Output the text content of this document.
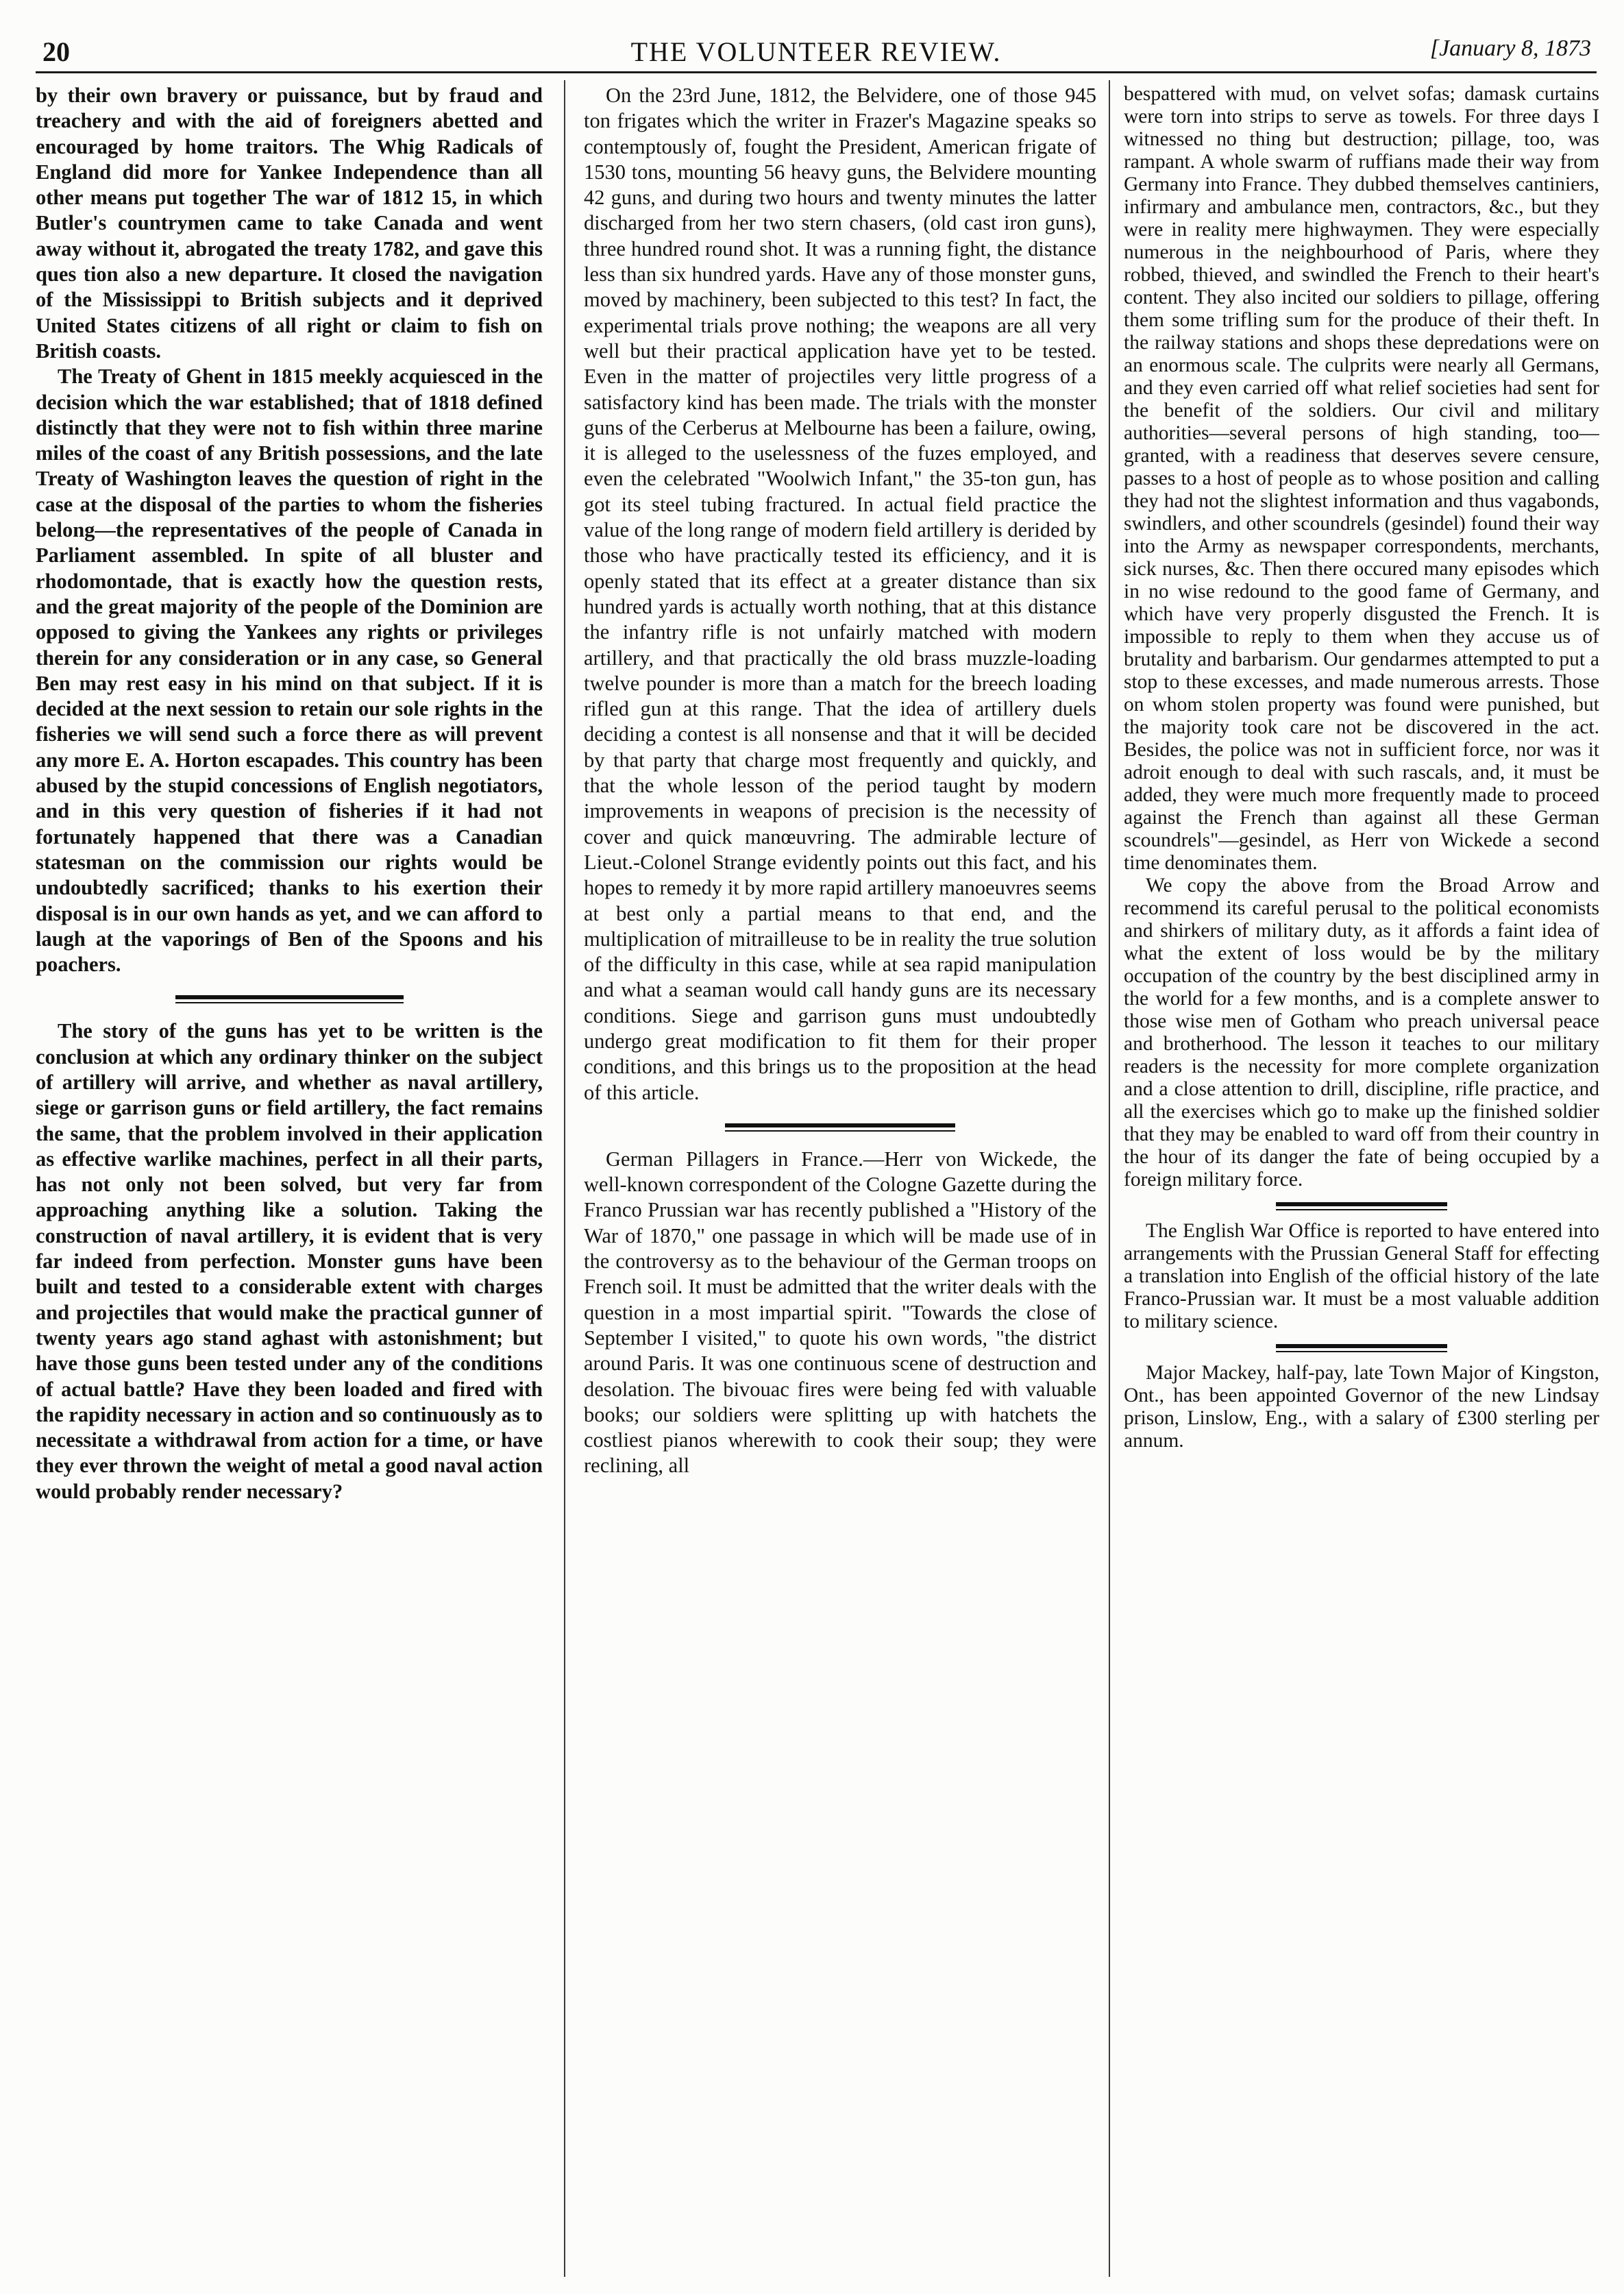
20	THE VOLUNTEER REVIEW.	[January 8, 1873

by their own bravery or puissance, but by fraud and treachery and with the aid of foreigners abetted and encouraged by home traitors. The Whig Radicals of England did more for Yankee Independence than all other means put together The war of 1812 15, in which Butler's countrymen came to take Canada and went away without it, abrogated the treaty 1782, and gave this ques tion also a new departure. It closed the navigation of the Mississippi to British subjects and it deprived United States citizens of all right or claim to fish on British coasts.

The Treaty of Ghent in 1815 meekly acquiesced in the decision which the war established; that of 1818 defined distinctly that they were not to fish within three marine miles of the coast of any British possessions, and the late Treaty of Washington leaves the question of right in the case at the disposal of the parties to whom the fisheries belong—the representatives of the people of Canada in Parliament assembled. In spite of all bluster and rhodomontade, that is exactly how the question rests, and the great majority of the people of the Dominion are opposed to giving the Yankees any rights or privileges therein for any consideration or in any case, so General Ben may rest easy in his mind on that subject. If it is decided at the next session to retain our sole rights in the fisheries we will send such a force there as will prevent any more E. A. Horton escapades. This country has been abused by the stupid concessions of English negotiators, and in this very question of fisheries if it had not fortunately happened that there was a Canadian statesman on the commission our rights would be undoubtedly sacrificed; thanks to his exertion their disposal is in our own hands as yet, and we can afford to laugh at the vaporings of Ben of the Spoons and his poachers.

The story of the guns has yet to be written is the conclusion at which any ordinary thinker on the subject of artillery will arrive, and whether as naval artillery, siege or garrison guns or field artillery, the fact remains the same, that the problem involved in their application as effective warlike machines, perfect in all their parts, has not only not been solved, but very far from approaching anything like a solution. Taking the construction of naval artillery, it is evident that is very far indeed from perfection. Monster guns have been built and tested to a considerable extent with charges and projectiles that would make the practical gunner of twenty years ago stand aghast with astonishment; but have those guns been tested under any of the conditions of actual battle? Have they been loaded and fired with the rapidity necessary in action and so continuously as to necessitate a withdrawal from action for a time, or have they ever thrown the weight of metal a good naval action would probably render necessary?

On the 23rd June, 1812, the Belvidere, one of those 945 ton frigates which the writer in Frazer's Magazine speaks so contemptously of, fought the President, American frigate of 1530 tons, mounting 56 heavy guns, the Belvidere mounting 42 guns, and during two hours and twenty minutes the latter discharged from her two stern chasers, (old cast iron guns), three hundred round shot. It was a running fight, the distance less than six hundred yards. Have any of those monster guns, moved by machinery, been subjected to this test? In fact, the experimental trials prove nothing; the weapons are all very well but their practical application have yet to be tested. Even in the matter of projectiles very little progress of a satisfactory kind has been made. The trials with the monster guns of the Cerberus at Melbourne has been a failure, owing, it is alleged to the uselessness of the fuzes employed, and even the celebrated "Woolwich Infant," the 35-ton gun, has got its steel tubing fractured. In actual field practice the value of the long range of modern field artillery is derided by those who have practically tested its efficiency, and it is openly stated that its effect at a greater distance than six hundred yards is actually worth nothing, that at this distance the infantry rifle is not unfairly matched with modern artillery, and that practically the old brass muzzle-loading twelve pounder is more than a match for the breech loading rifled gun at this range. That the idea of artillery duels deciding a contest is all nonsense and that it will be decided by that party that charge most frequently and quickly, and that the whole lesson of the period taught by modern improvements in weapons of precision is the necessity of cover and quick manœuvring. The admirable lecture of Lieut.-Colonel Strange evidently points out this fact, and his hopes to remedy it by more rapid artillery manoeuvres seems at best only a partial means to that end, and the multiplication of mitrailleuse to be in reality the true solution of the difficulty in this case, while at sea rapid manipulation and what a seaman would call handy guns are its necessary conditions. Siege and garrison guns must undoubtedly undergo great modification to fit them for their proper conditions, and this brings us to the proposition at the head of this article.

German Pillagers in France.—Herr von Wickede, the well-known correspondent of the Cologne Gazette during the Franco Prussian war has recently published a "History of the War of 1870," one passage in which will be made use of in the controversy as to the behaviour of the German troops on French soil. It must be admitted that the writer deals with the question in a most impartial spirit. "Towards the close of September I visited," to quote his own words, "the district around Paris. It was one continuous scene of destruction and desolation. The bivouac fires were being fed with valuable books; our soldiers were splitting up with hatchets the costliest pianos wherewith to cook their soup; they were reclining, all

bespattered with mud, on velvet sofas; damask curtains were torn into strips to serve as towels. For three days I witnessed no thing but destruction; pillage, too, was rampant. A whole swarm of ruffians made their way from Germany into France. They dubbed themselves cantiniers, infirmary and ambulance men, contractors, &c., but they were in reality mere highwaymen. They were especially numerous in the neighbourhood of Paris, where they robbed, thieved, and swindled the French to their heart's content. They also incited our soldiers to pillage, offering them some trifling sum for the produce of their theft. In the railway stations and shops these depredations were on an enormous scale. The culprits were nearly all Germans, and they even carried off what relief societies had sent for the benefit of the soldiers. Our civil and military authorities—several persons of high standing, too—granted, with a readiness that deserves severe censure, passes to a host of people as to whose position and calling they had not the slightest information and thus vagabonds, swindlers, and other scoundrels (gesindel) found their way into the Army as newspaper correspondents, merchants, sick nurses, &c. Then there occured many episodes which in no wise redound to the good fame of Germany, and which have very properly disgusted the French. It is impossible to reply to them when they accuse us of brutality and barbarism. Our gendarmes attempted to put a stop to these excesses, and made numerous arrests. Those on whom stolen property was found were punished, but the majority took care not be discovered in the act. Besides, the police was not in sufficient force, nor was it adroit enough to deal with such rascals, and, it must be added, they were much more frequently made to proceed against the French than against all these German scoundrels"—gesindel, as Herr von Wickede a second time denominates them.

We copy the above from the Broad Arrow and recommend its careful perusal to the political economists and shirkers of military duty, as it affords a faint idea of what the extent of loss would be by the military occupation of the country by the best disciplined army in the world for a few months, and is a complete answer to those wise men of Gotham who preach universal peace and brotherhood. The lesson it teaches to our military readers is the necessity for more complete organization and a close attention to drill, discipline, rifle practice, and all the exercises which go to make up the finished soldier that they may be enabled to ward off from their country in the hour of its danger the fate of being occupied by a foreign military force.

The English War Office is reported to have entered into arrangements with the Prussian General Staff for effecting a translation into English of the official history of the late Franco-Prussian war. It must be a most valuable addition to military science.

Major Mackey, half-pay, late Town Major of Kingston, Ont., has been appointed Governor of the new Lindsay prison, Linslow, Eng., with a salary of £300 sterling per annum.
